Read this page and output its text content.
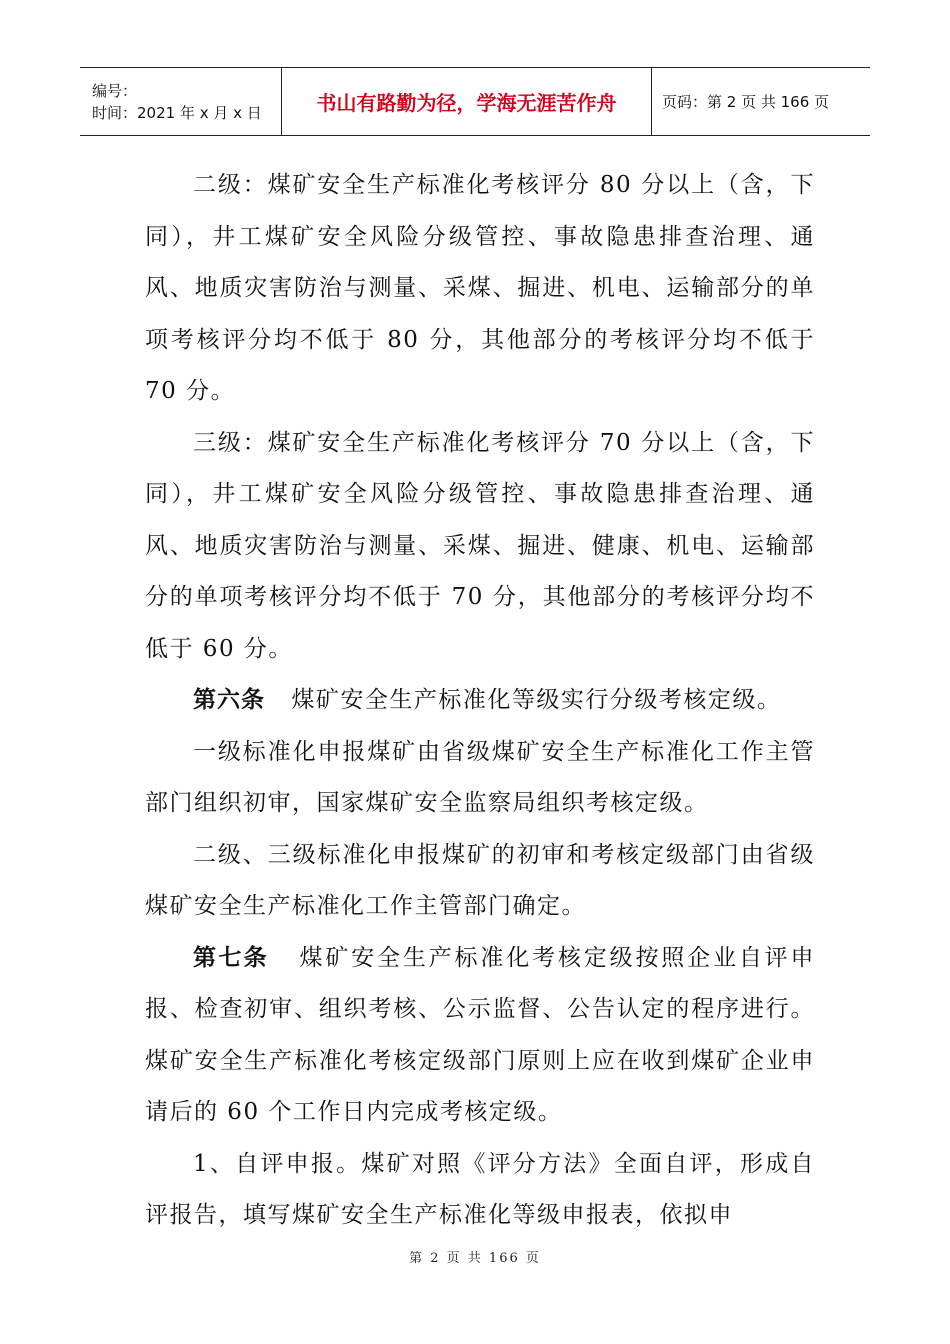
编号：
时间：2021 年 x 月 x 日	书山有路勤为径，学海无涯苦作舟	页码：第 2 页 共 166 页

二级：煤矿安全生产标准化考核评分 80 分以上（含，下同），井工煤矿安全风险分级管控、事故隐患排查治理、通风、地质灾害防治与测量、采煤、掘进、机电、运输部分的单项考核评分均不低于 80 分，其他部分的考核评分均不低于 70 分。

三级：煤矿安全生产标准化考核评分 70 分以上（含，下同），井工煤矿安全风险分级管控、事故隐患排查治理、通风、地质灾害防治与测量、采煤、掘进、健康、机电、运输部分的单项考核评分均不低于 70 分，其他部分的考核评分均不低于 60 分。

第六条   煤矿安全生产标准化等级实行分级考核定级。

一级标准化申报煤矿由省级煤矿安全生产标准化工作主管部门组织初审，国家煤矿安全监察局组织考核定级。

二级、三级标准化申报煤矿的初审和考核定级部门由省级煤矿安全生产标准化工作主管部门确定。

第七条   煤矿安全生产标准化考核定级按照企业自评申报、检查初审、组织考核、公示监督、公告认定的程序进行。煤矿安全生产标准化考核定级部门原则上应在收到煤矿企业申请后的 60 个工作日内完成考核定级。

1、自评申报。煤矿对照《评分方法》全面自评，形成自评报告，填写煤矿安全生产标准化等级申报表，依拟申

第 2 页 共 166 页
